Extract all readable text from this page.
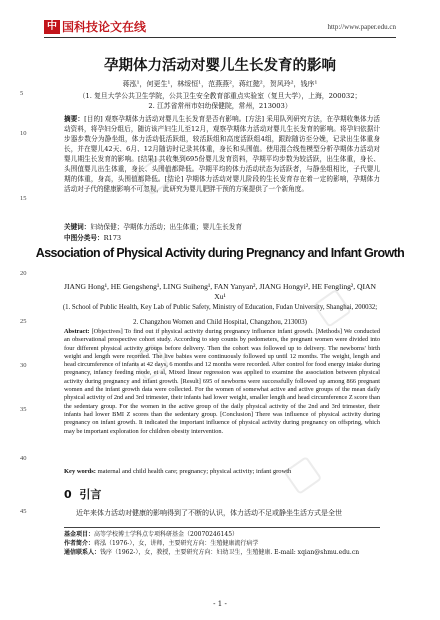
中 国科技论文在线	http://www.paper.edu.cn
5
10
15
20
25
30
35
40
45
孕期体力活动对婴儿生长发育的影响
蒋泓¹，何更生¹，林绥恒¹，范燕燕²，蒋红懿²，贺风玲²，钱序¹
（1. 复旦大学公共卫生学院，公共卫生安全教育部重点实验室（复旦大学），上海，200032；
2. 江苏省常州市妇幼保健院，常州，213003）
摘要：[目的] 观察孕期体力活动对婴儿生长发育是否有影响。[方法] 采用队列研究方法，在孕期收集体力活动资料，将孕妇分组后，随访该产妇生儿至12月，观察孕期体力活动对婴儿生长发育的影响。将孕妇依据计步器步数分为静坐组，体力活动低活跃组，较活跃组和高度活跃组4组，跟踪随访至分娩，记录出生体重身长，并在婴儿42天、6月、12月随访时记录其体重，身长和头围值。使用混合线性模型分析孕期体力活动对婴儿期生长发育的影响。[结果] 共收集到695份婴儿发育资料，孕期平均步数为较活跃，出生体重，身长、头围值婴儿出生体重，身长、头围值都降低。孕期平均的体力活动状态为活跃者，与静坐组相比，子代婴儿期的体重，身高，头围值都降低。[结论] 孕期体力活动对婴儿阶段的生长发育存在着一定的影响，孕期体力活动对子代的健康影响不可忽视，此研究为婴儿肥胖干预的方案提供了一个新角度。
关键词：妇幼保健；孕期体力活动；出生体重；婴儿生长发育
中图分类号：R173
Association of Physical Activity during Pregnancy and Infant Growth
JIANG Hong¹, HE Gengsheng¹, LING Suiheng¹, FAN Yanyan², JIANG Hongyi², HE Fengling², QIAN Xu¹
(1. School of Public Health, Key Lab of Public Safety, Ministry of Education, Fudan University, Shanghai, 200032;
2. Changzhou Women and Child Hospital, Changzhou, 213003)
Abstract: [Objectives] To find out if physical activity during pregnancy influence infant growth. [Methods] We conducted an observational prospective cohort study. According to step counts by pedometers, the pregnant women were divided into four different physical activity groups before delivery. Then the cohort was followed up to delivery. The newborns' birth weight and length were recorded. The live babies were continuously followed up until 12 months. The weight, length and head circumference of infants at 42 days, 6 months and 12 months were recorded. After control for food energy intake during pregnancy, infancy feeding mode, et al, Mixed linear regression was applied to examine the association between physical activity during pregnancy and infant growth. [Result] 695 of newborns were successfully followed up among 866 pregnant women and the infant growth data were collected. For the women of somewhat active and active groups of the mean daily physical activity of 2nd and 3rd trimester, their infants had lower weight, smaller length and head circumference Z score than the sedentary group. For the women in the active group of the daily physical activity of the 2nd and 3rd trimester, their infants had lower BMI Z scores than the sedentary group. [Conclusion] There was influence of physical activity during pregnancy on infant growth. It indicated the important influence of physical activity during pregnancy on offspring, which may be important exploration for children obesity intervention.
Key words: maternal and child health care; pregnancy; physical activity; infant growth
0 引言
近年来体力活动对健康的影响得到了不断的认识，体力活动不足或静坐生活方式是全世
基金项目：高等学校博士学科点专项科研基金（20070246145）
作者简介：蒋泓（1976-），女，讲师，主要研究方向：生殖健康流行病学
通信联系人：钱序（1962-），女，教授，主要研究方向：妇幼卫生，生殖健康. E-mail: xqian@shmu.edu.cn
- 1 -
